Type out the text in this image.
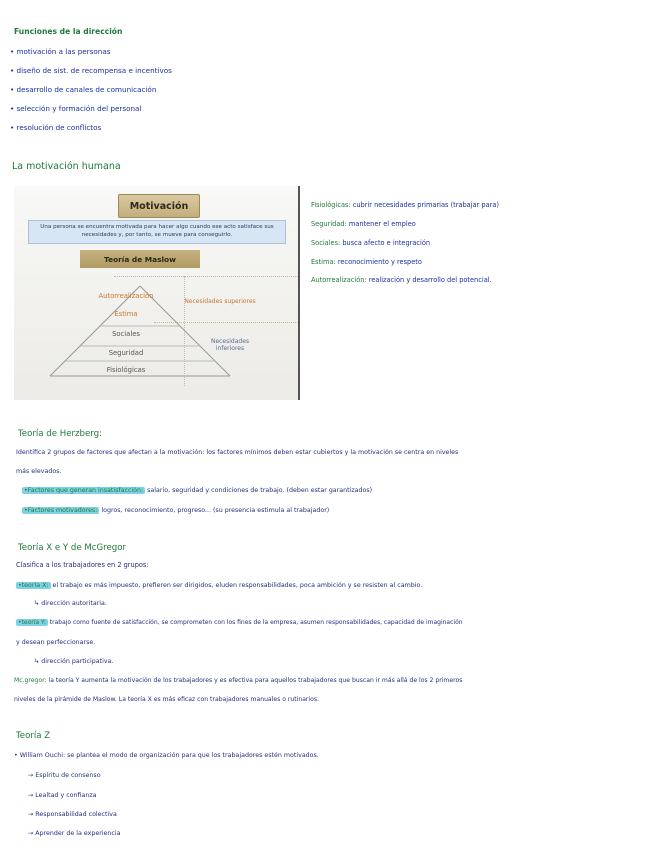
Funciones de la dirección
• motivación a las personas
• diseño de sist. de recompensa e incentivos
• desarrollo de canales de comunicación
• selección y formación del personal
• resolución de conflictos
La motivación humana
Motivación
Una persona se encuentra motivada para hacer algo cuando ese acto satisface sus necesidades y, por tanto, se mueve para conseguirlo.
Teoría de Maslow
Autorrealización
Estima
Sociales
Seguridad
Fisiológicas
Necesidades superiores
Necesidades inferiores
Fisiológicas: cubrir necesidades primarias (trabajar para)
Seguridad: mantener el empleo
Sociales: busca afecto e integración
Estima: reconocimiento y respeto
Autorrealización: realización y desarrollo del potencial.
Teoría de Herzberg:
Identifica 2 grupos de factores que afectan a la motivación: los factores mínimos deben estar cubiertos y la motivación se centra en niveles
más elevados.
•Factores que generan insatisfacción: salario, seguridad y condiciones de trabajo. (deben estar garantizados)
•Factores motivadores: logros, reconocimiento, progreso... (su presencia estimula al trabajador)
Teoría X e Y de McGregor
Clasifica a los trabajadores en 2 grupos:
•teoría X: el trabajo es más impuesto, prefieren ser dirigidos, eluden responsabilidades, poca ambición y se resisten al cambio.
↳ dirección autoritaria.
•teoría Y: trabajo como fuente de satisfacción, se comprometen con los fines de la empresa, asumen responsabilidades, capacidad de imaginación
y desean perfeccionarse.
↳ dirección participativa.
Mc.gregor: la teoría Y aumenta la motivación de los trabajadores y es efectiva para aquellos trabajadores que buscan ir más allá de los 2 primeros
niveles de la pirámide de Maslow. La teoría X es más eficaz con trabajadores manuales o rutinarios.
Teoría Z
• William Ouchi: se plantea el modo de organización para que los trabajadores estén motivados.
→ Espíritu de consenso
→ Lealtad y confianza
→ Responsabilidad colectiva
→ Aprender de la experiencia
